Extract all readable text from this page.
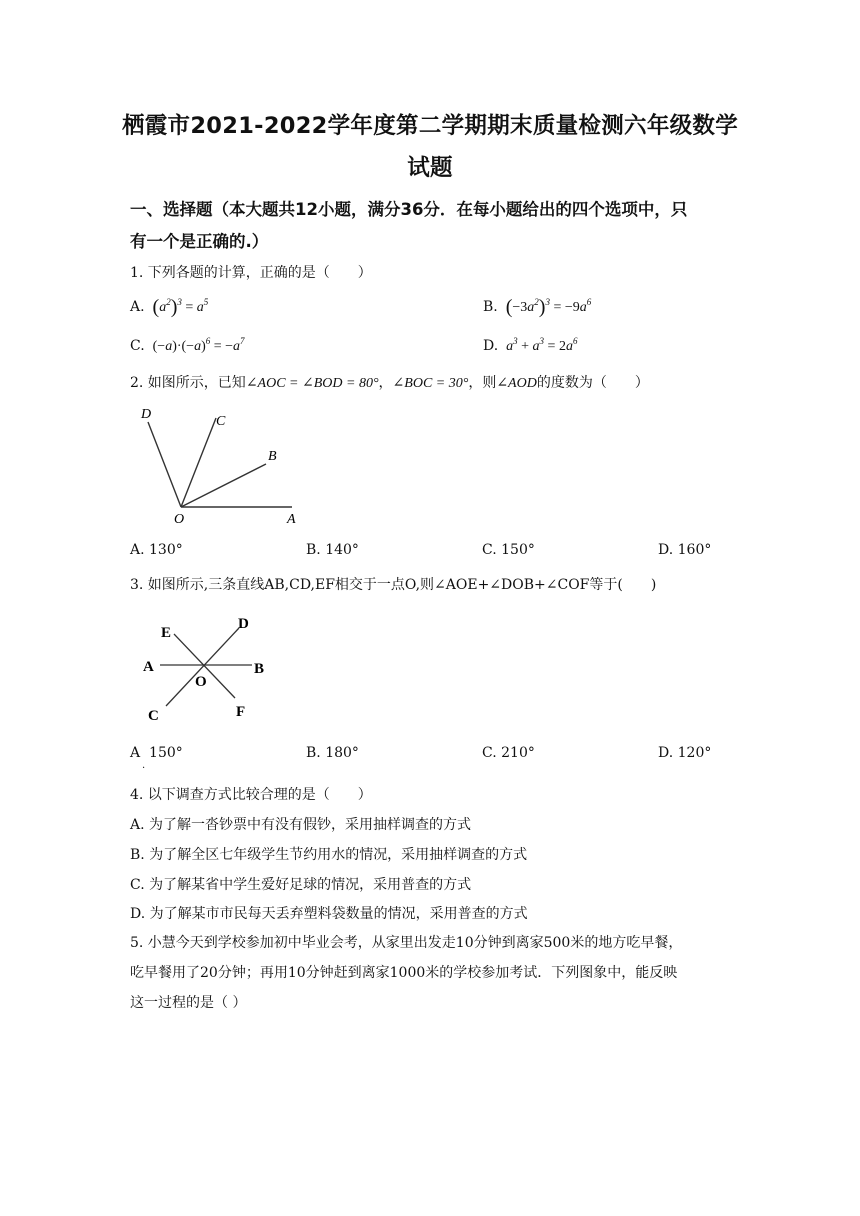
栖霞市2021-2022学年度第二学期期末质量检测六年级数学
试题
一、选择题（本大题共12小题，满分36分．在每小题给出的四个选项中，只
有一个是正确的.）
1. 下列各题的计算，正确的是（　　）
A. $(a^2)^3 = a^5$	B. $(-3a^2)^3 = -9a^6$
C. $(-a)\cdot(-a)^6 = -a^7$	D.  $a^3 + a^3 = 2a^6$
2. 如图所示，已知∠AOC = ∠BOD = 80°，∠BOC = 30°，则∠AOD的度数为（　　）
D	C
B
O	A
A. 130°	B. 140°	C. 150°	D. 160°
3. 如图所示,三条直线AB,CD,EF相交于一点O,则∠AOE+∠DOB+∠COF等于(　　)
E
D
A
O
B
C	F
A 150°
.
B. 180°	C. 210°	D. 120°
4. 以下调查方式比较合理的是（　　）
A. 为了解一沓钞票中有没有假钞，采用抽样调查的方式
B. 为了解全区七年级学生节约用水的情况，采用抽样调查的方式
C. 为了解某省中学生爱好足球的情况，采用普查的方式
D. 为了解某市市民每天丢弃塑料袋数量的情况，采用普查的方式
5. 小慧今天到学校参加初中毕业会考，从家里出发走10分钟到离家500米的地方吃早餐，
吃早餐用了20分钟；再用10分钟赶到离家1000米的学校参加考试．下列图象中，能反映
这一过程的是（ ）
